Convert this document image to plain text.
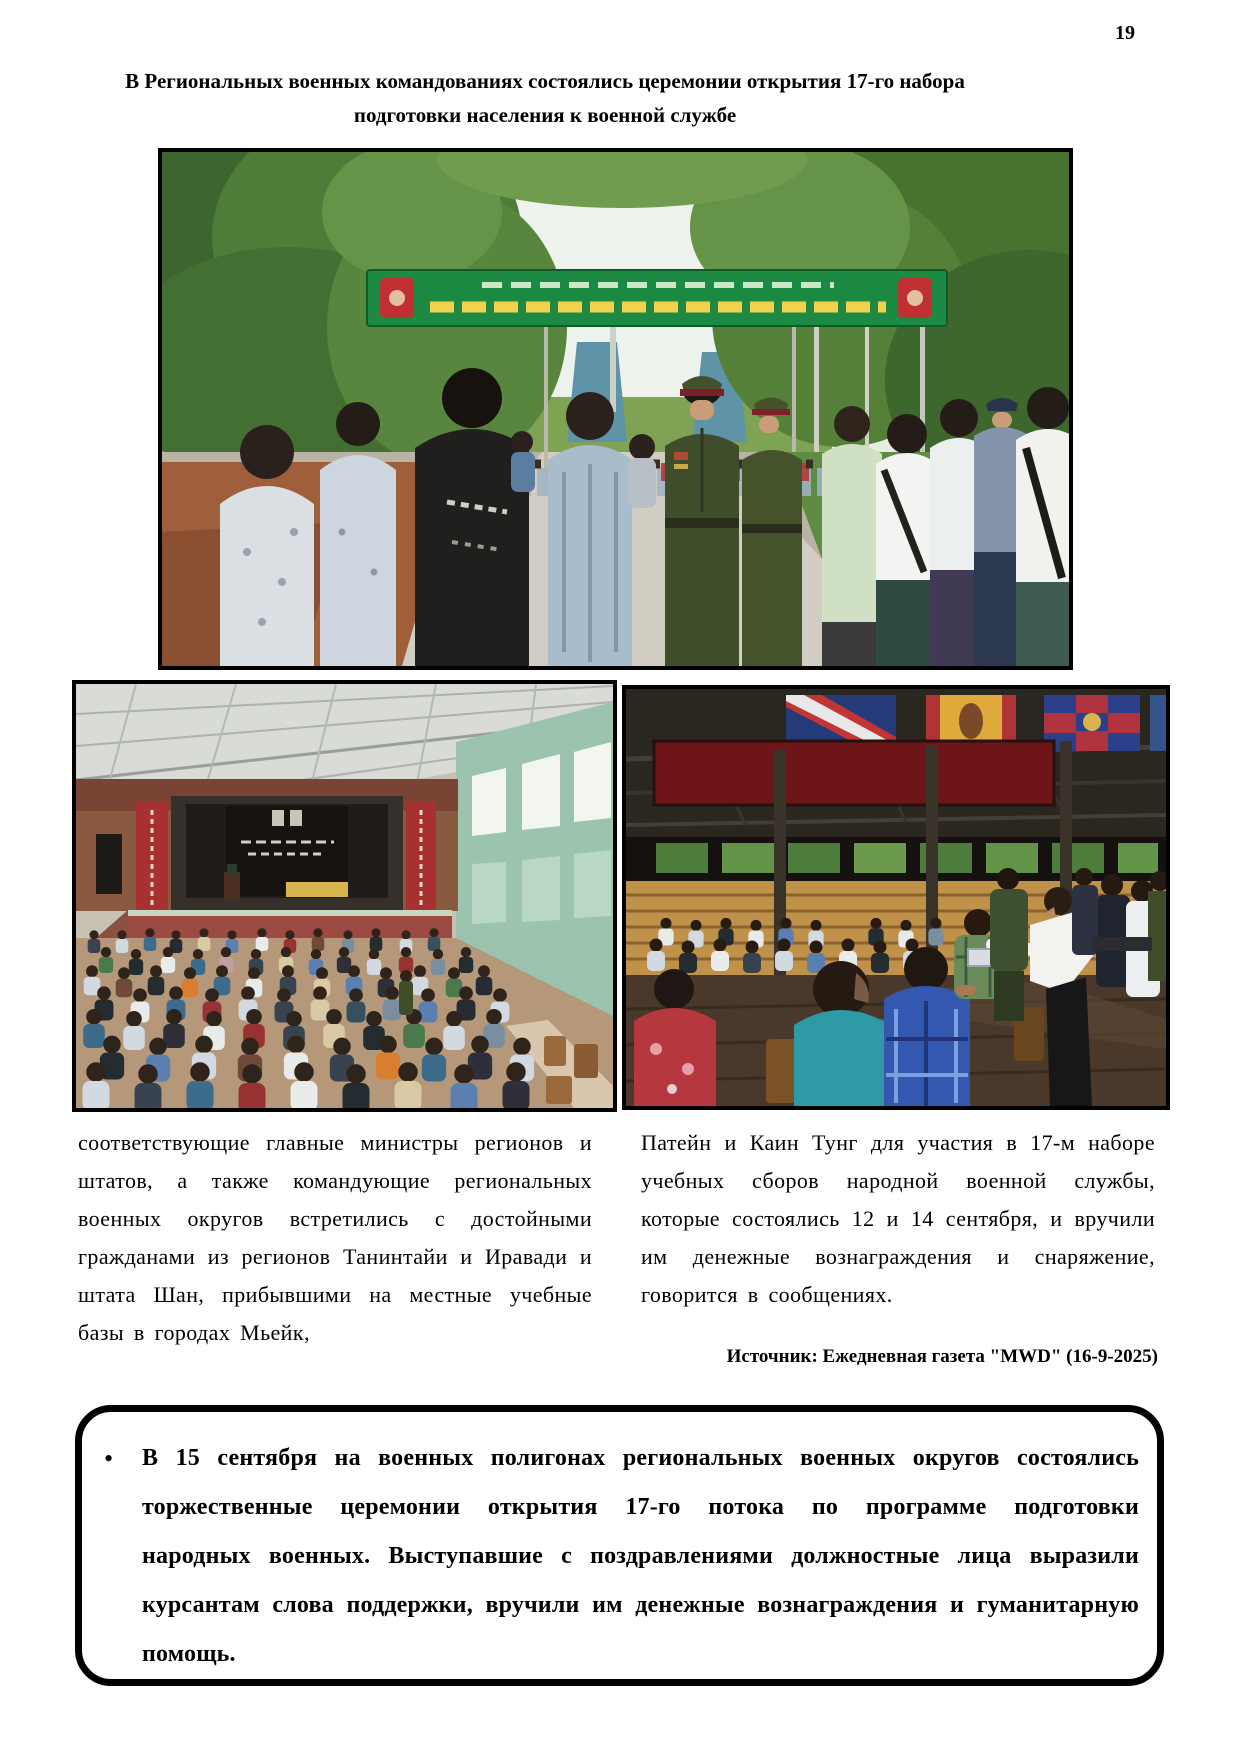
19
В Региональных военных командованиях состоялись церемонии открытия 17-го набора
подготовки населения к военной службе

соответствующие главные министры регионов и штатов, а также командующие региональных военных округов встретились с достойными гражданами из регионов Танинтайи и Иравади и штата Шан, прибывшими на местные учебные базы в городах Мьейк,

Патейн и Каин Тунг для участия в 17-м наборе учебных сборов народной военной службы, которые состоялись 12 и 14 сентября, и вручили им денежные вознаграждения и снаряжение, говорится в сообщениях.

Источник: Ежедневная газета "MWD" (16-9-2025)
•	В 15 сентября на военных полигонах региональных военных округов состоялись торжественные церемонии открытия 17-го потока по программе подготовки народных военных. Выступавшие с поздравлениями должностные лица выразили курсантам слова поддержки, вручили им денежные вознаграждения и гуманитарную помощь.
